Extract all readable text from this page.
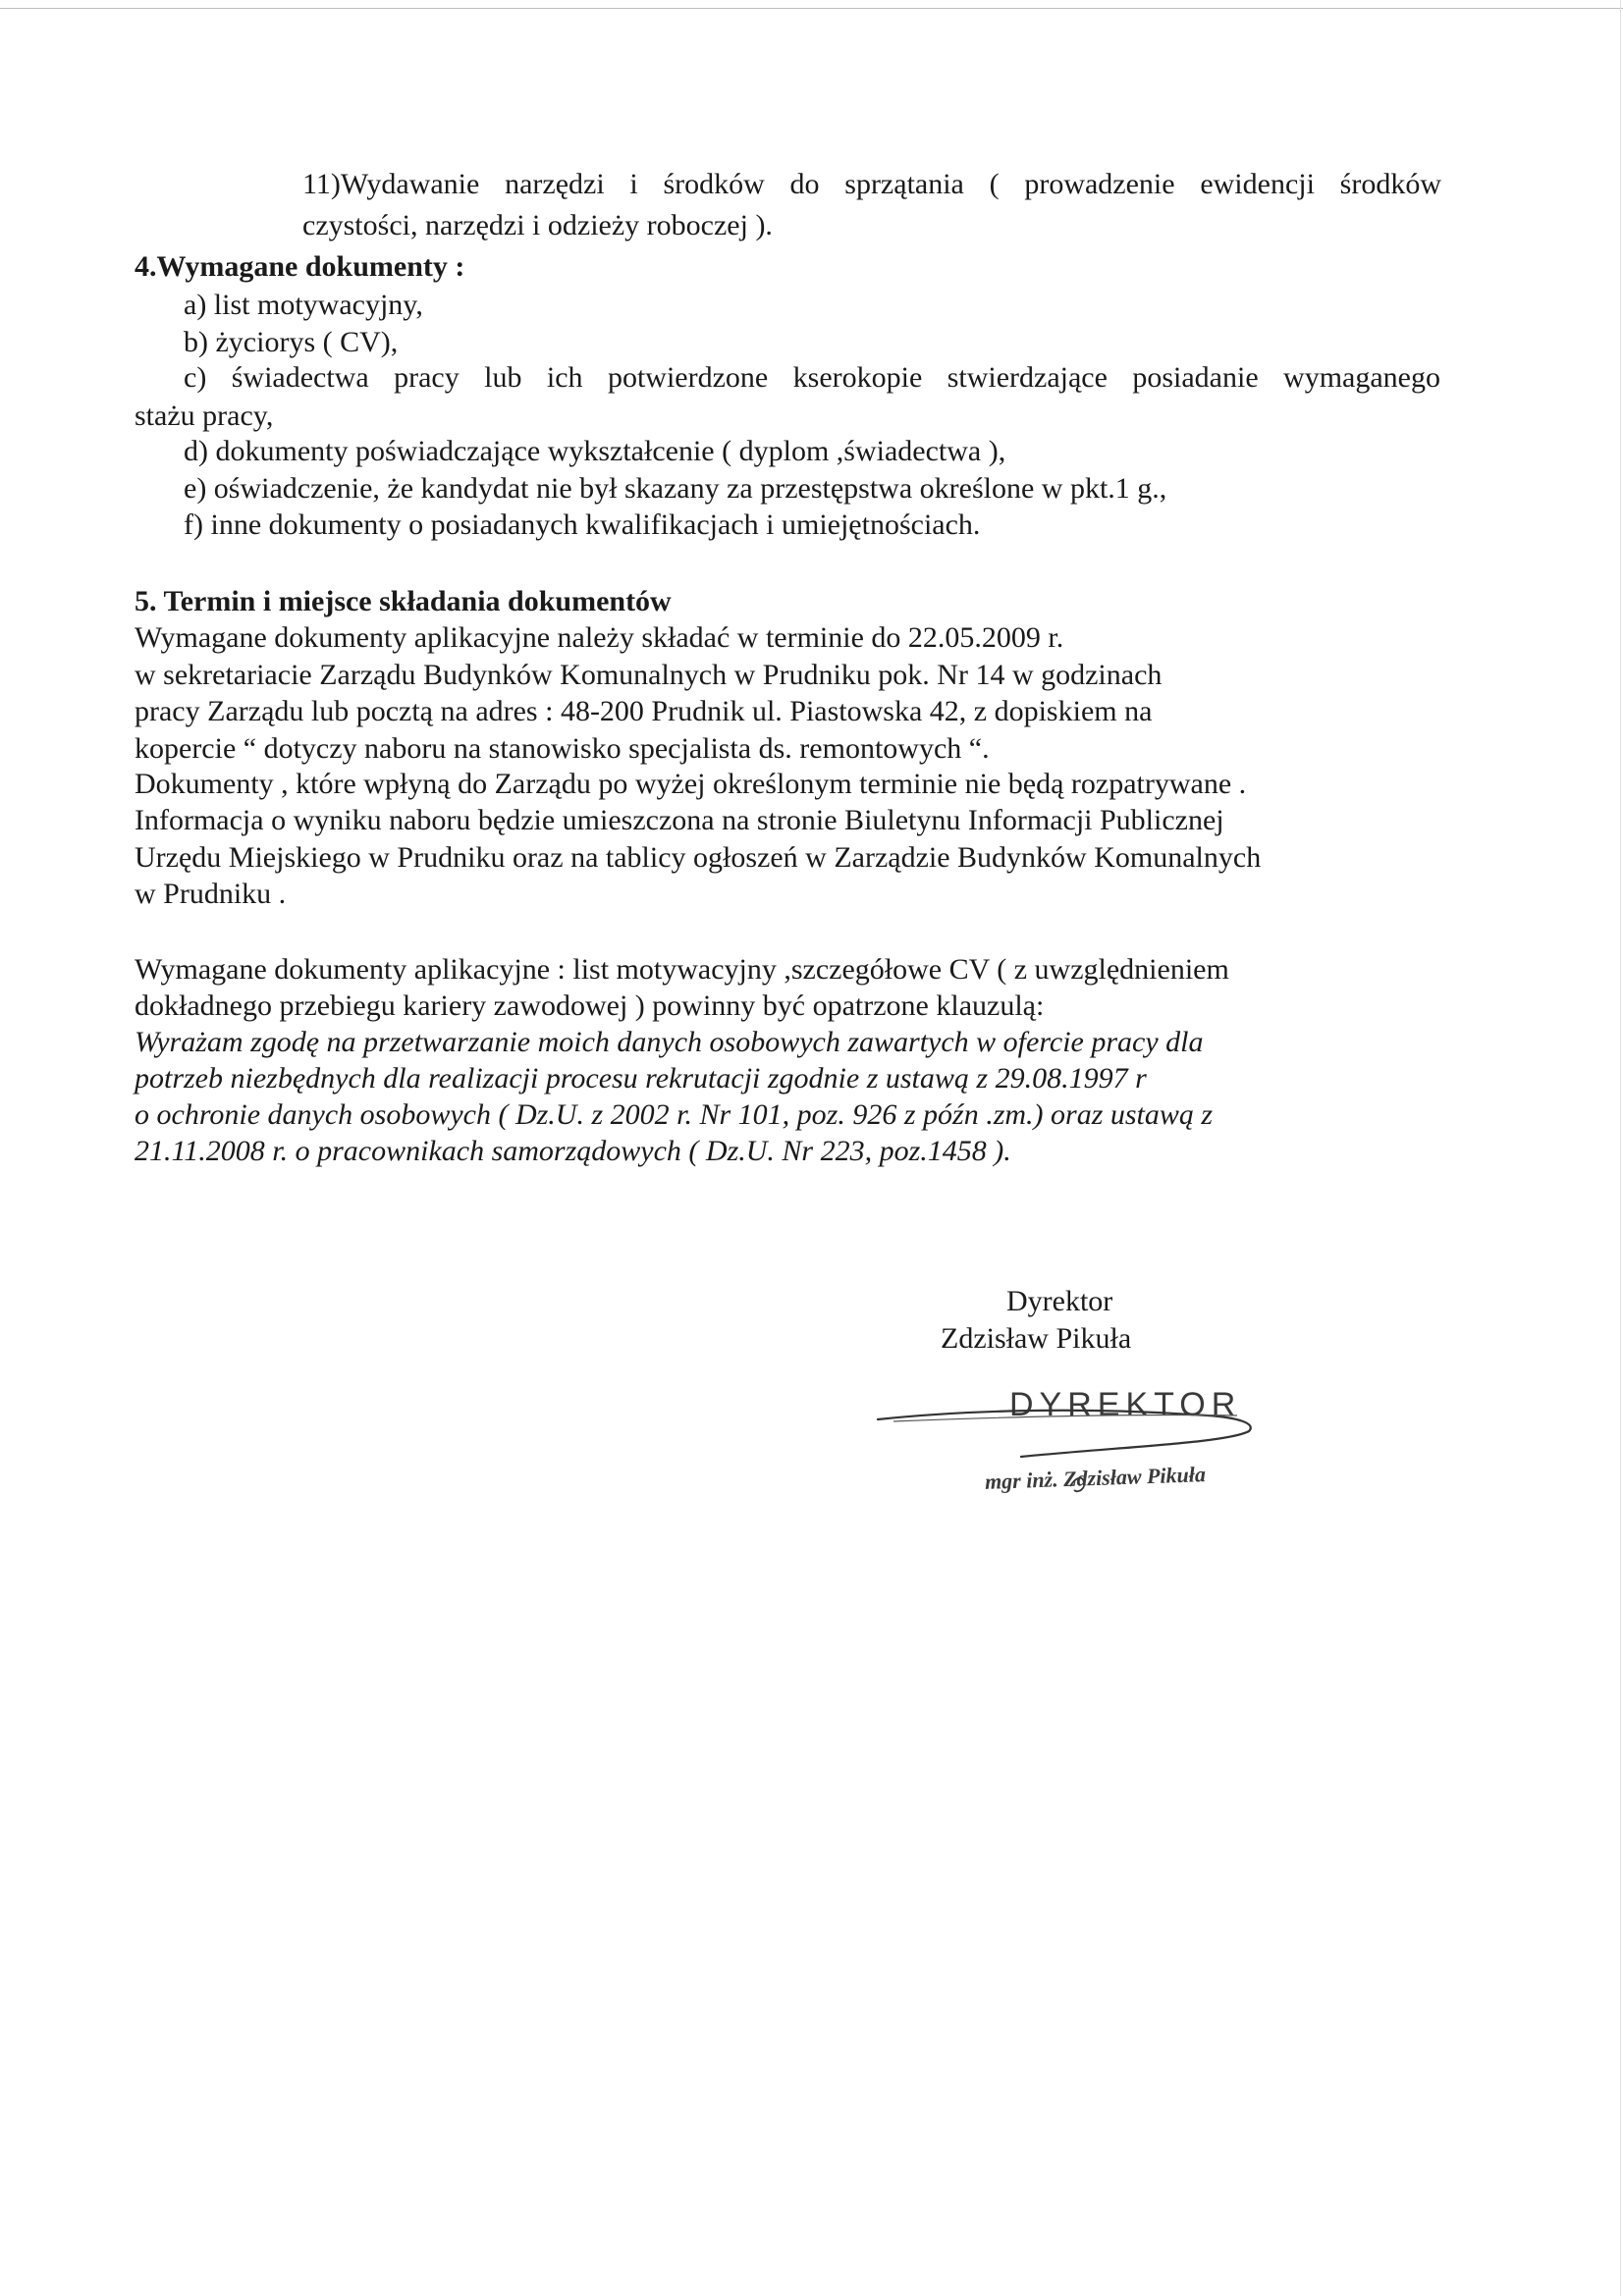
11)Wydawanie narzędzi i środków do sprzątania ( prowadzenie ewidencji środków
czystości, narzędzi i odzieży roboczej ).
4.Wymagane dokumenty :
a) list motywacyjny,
b) życiorys ( CV),
c) świadectwa pracy lub ich potwierdzone kserokopie stwierdzające posiadanie wymaganego
stażu pracy,
d) dokumenty poświadczające wykształcenie ( dyplom ,świadectwa ),
e) oświadczenie, że kandydat nie był skazany za przestępstwa określone w pkt.1 g.,
f) inne dokumenty o posiadanych kwalifikacjach i umiejętnościach.
5. Termin i miejsce składania dokumentów
Wymagane dokumenty aplikacyjne należy składać w terminie do 22.05.2009 r.
w sekretariacie Zarządu Budynków Komunalnych w Prudniku pok. Nr 14 w godzinach
pracy Zarządu lub pocztą na adres : 48-200 Prudnik ul. Piastowska 42, z dopiskiem na
kopercie “ dotyczy naboru na stanowisko specjalista ds. remontowych “.
Dokumenty , które wpłyną do Zarządu po wyżej określonym terminie nie będą rozpatrywane .
Informacja o wyniku naboru będzie umieszczona na stronie Biuletynu Informacji Publicznej
Urzędu Miejskiego w Prudniku oraz na tablicy ogłoszeń w Zarządzie Budynków Komunalnych
w Prudniku .
Wymagane dokumenty aplikacyjne : list motywacyjny ,szczegółowe CV ( z uwzględnieniem
dokładnego przebiegu kariery zawodowej ) powinny być opatrzone klauzulą:
Wyrażam zgodę na przetwarzanie moich danych osobowych zawartych w ofercie pracy dla
potrzeb niezbędnych dla realizacji procesu rekrutacji zgodnie z ustawą z 29.08.1997 r
o ochronie danych osobowych ( Dz.U. z 2002 r. Nr 101, poz. 926 z późn .zm.) oraz ustawą z
21.11.2008 r. o pracownikach samorządowych ( Dz.U. Nr 223, poz.1458 ).
Dyrektor
Zdzisław Pikuła
DYREKTOR
mgr inż. Zdzisław Pikuła
